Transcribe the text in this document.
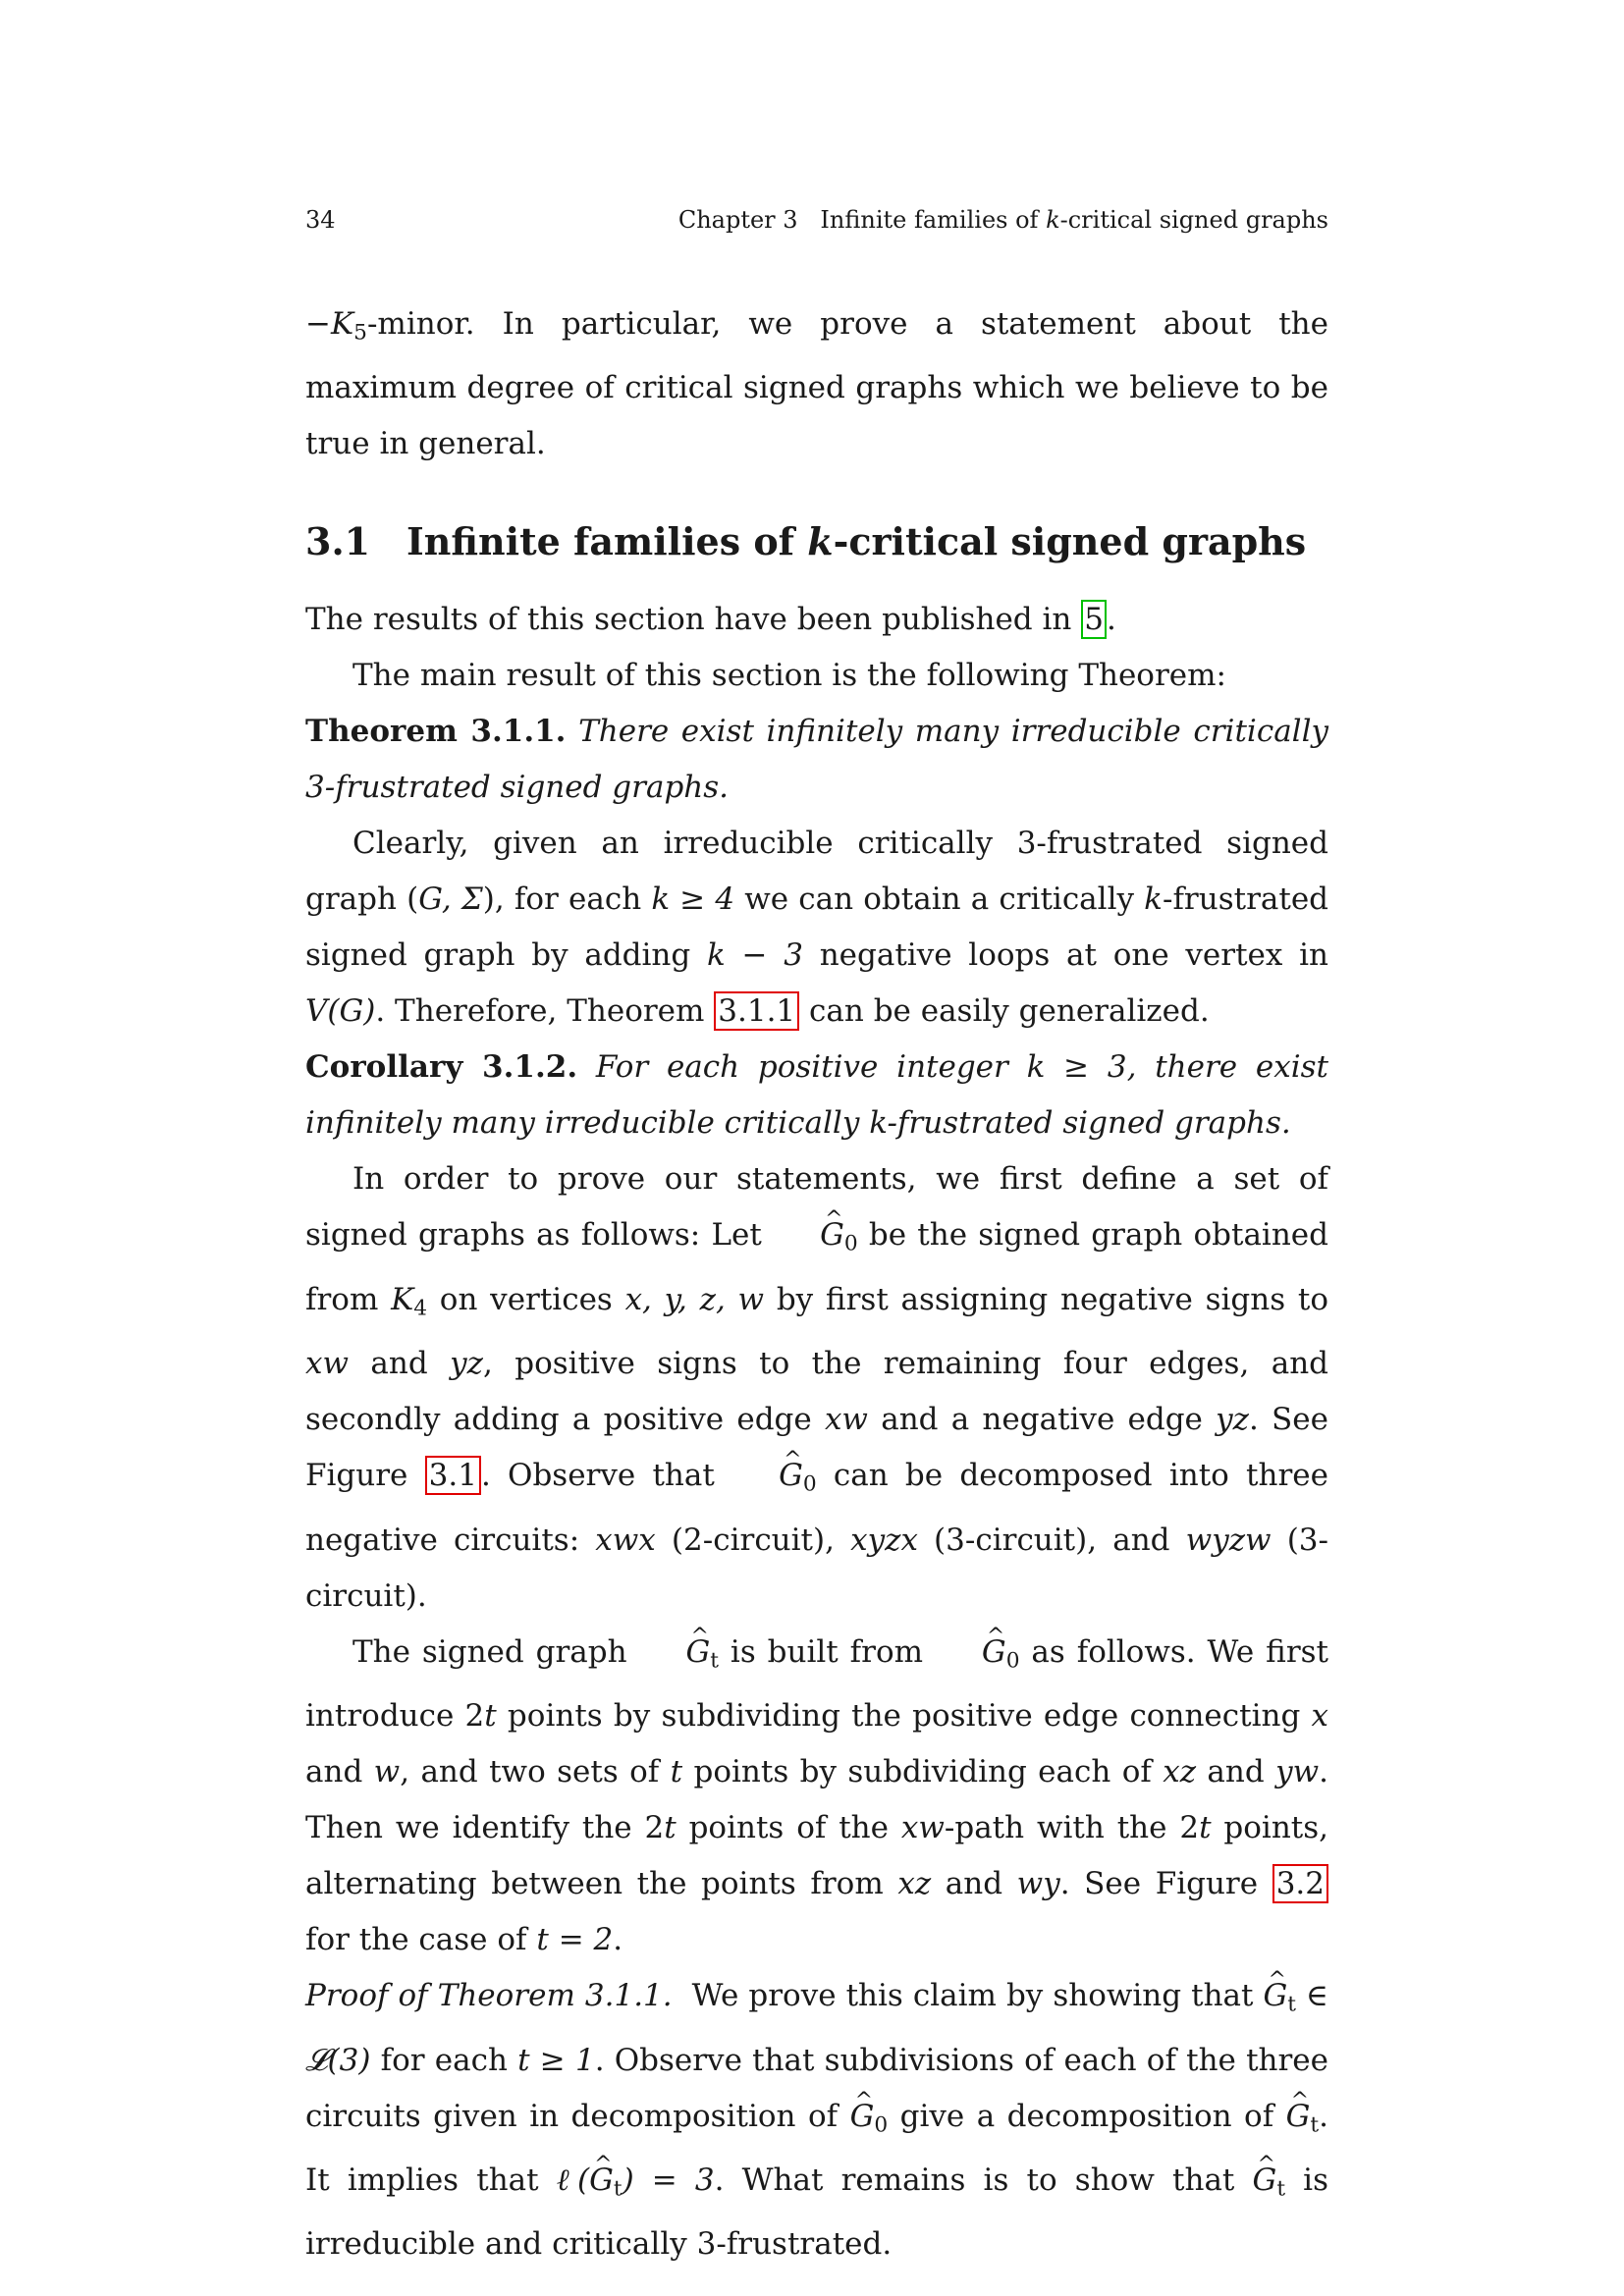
34	Chapter 3   Infinite families of k-critical signed graphs

$-K_5$-minor. In particular, we prove a statement about the maximum degree of critical signed graphs which we believe to be true in general.

3.1 Infinite families of k-critical signed graphs

The results of this section have been published in 5.

The main result of this section is the following Theorem:

Theorem 3.1.1. There exist infinitely many irreducible critically 3-frustrated signed graphs.

Clearly, given an irreducible critically 3-frustrated signed graph (G, Σ), for each k ≥ 4 we can obtain a critically k-frustrated signed graph by adding k − 3 negative loops at one vertex in V(G). Therefore, Theorem 3.1.1 can be easily generalized.

Corollary 3.1.2. For each positive integer k ≥ 3, there exist infinitely many irreducible critically k-frustrated signed graphs.

In order to prove our statements, we first define a set of signed graphs as follows: Let ^ $G_0$ be the signed graph obtained from $K_4$ on vertices x, y, z, w by first assigning negative signs to xw and yz, positive signs to the remaining four edges, and secondly adding a positive edge xw and a negative edge yz. See Figure 3.1 . Observe that ^ $G_0$ can be decomposed into three negative circuits: xwx (2-circuit), xyzx (3-circuit), and wyzw (3-circuit).

The signed graph ^ $G_t$ is built from ^ $G_0$ as follows. We first introduce 2t points by subdividing the positive edge connecting x and w, and two sets of t points by subdividing each of xz and yw. Then we identify the 2t points of the xw-path with the 2t points, alternating between the points from xz and wy. See Figure 3.2 for the case of t = 2.

Proof of Theorem 3.1.1.  We prove this claim by showing that ^ $G_t$ ∈ 𝓛(3) for each t ≥ 1. Observe that subdivisions of each of the three circuits given in decomposition of ^ $G_0$ give a decomposition of ^ $G_t$. It implies that ℓ(^ $G_t) = 3$. What remains is to show that ^ $G_t$ is irreducible and critically 3-frustrated.
